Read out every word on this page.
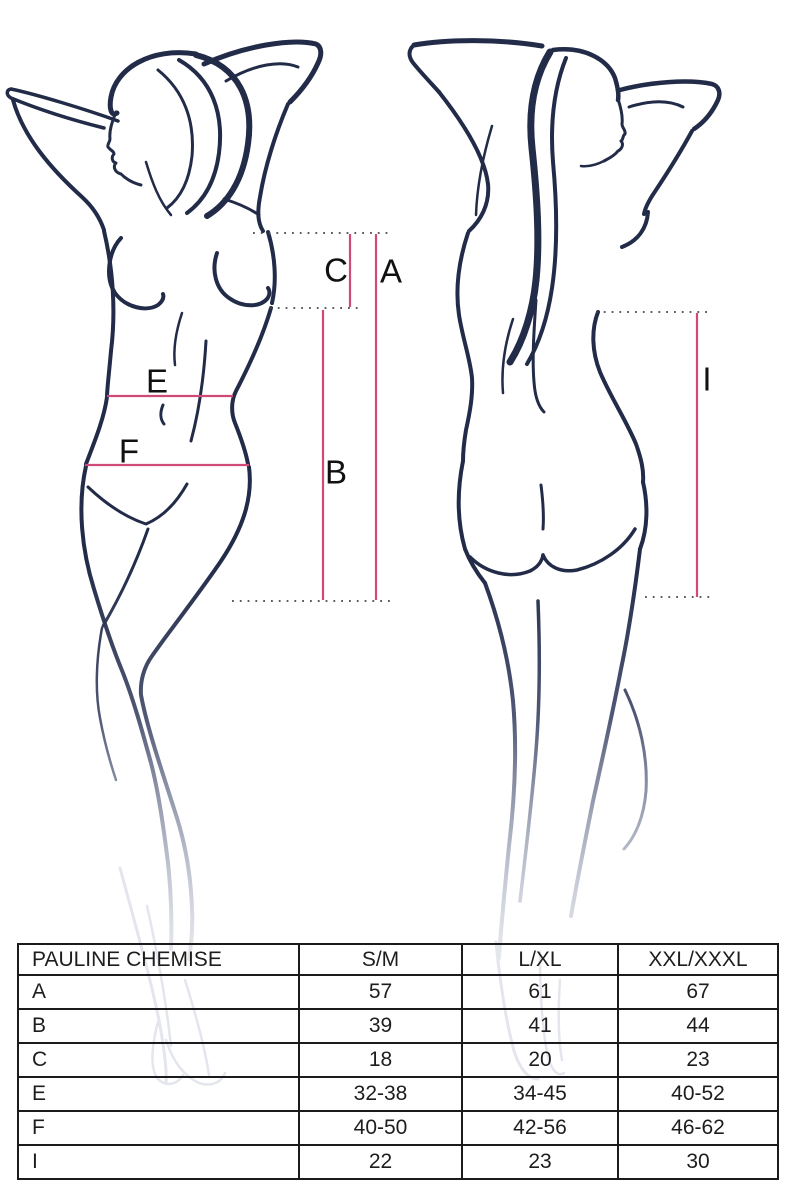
C A
B
E
F
I
PAULINE CHEMISE	S/M	L/XL	XXL/XXXL
A	57	61	67
B	39	41	44
C	18	20	23
E	32-38	34-45	40-52
F	40-50	42-56	46-62
I	22	23	30
